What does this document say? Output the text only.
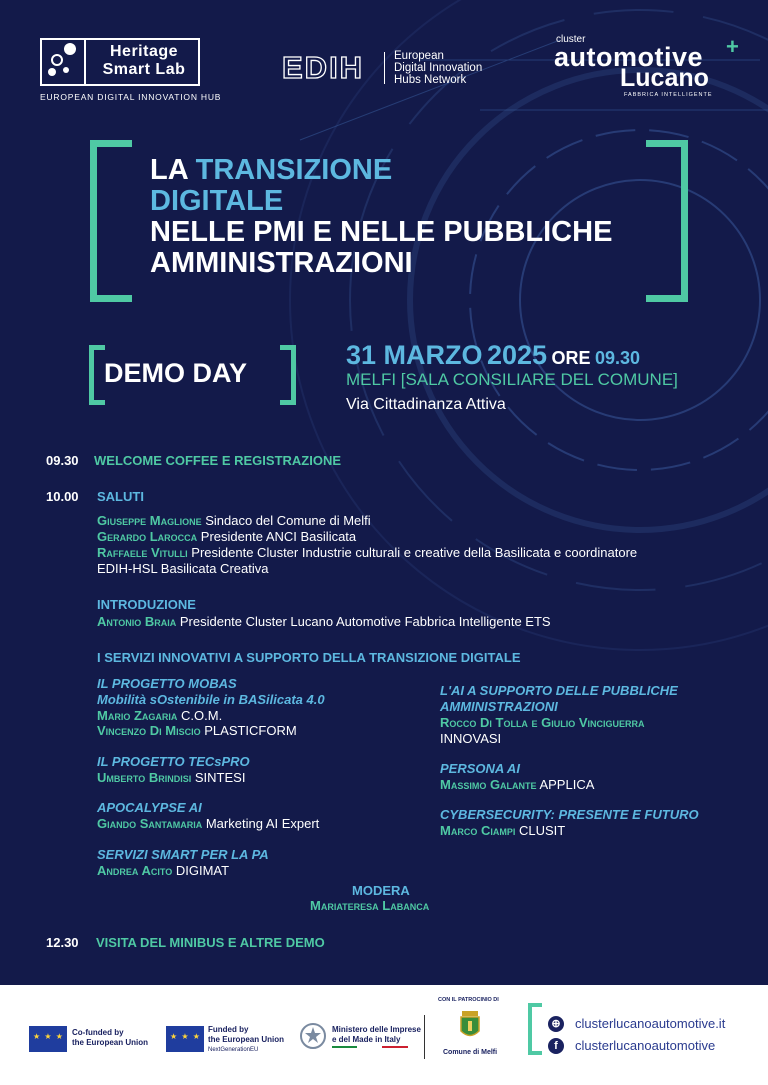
Heritage Smart Lab
EUROPEAN DIGITAL INNOVATION HUB
EDIH	European
Digital Innovation
Hubs Network
cluster
automotive +
Lucano
FABBRICA INTELLIGENTE
LA TRANSIZIONE
DIGITALE
NELLE PMI E NELLE PUBBLICHE
AMMINISTRAZIONI
DEMO DAY
31 MARZO 2025 ORE 09.30
MELFI [SALA CONSILIARE DEL COMUNE]
Via Cittadinanza Attiva
09.30 WELCOME COFFEE E REGISTRAZIONE
10.00 SALUTI
Giuseppe Maglione Sindaco del Comune di Melfi
Gerardo Larocca Presidente ANCI Basilicata
Raffaele Vitulli Presidente Cluster Industrie culturali e creative della Basilicata e coordinatore
EDIH-HSL Basilicata Creativa
INTRODUZIONE
Antonio Braia Presidente Cluster Lucano Automotive Fabbrica Intelligente ETS
I SERVIZI INNOVATIVI A SUPPORTO DELLA TRANSIZIONE DIGITALE
IL PROGETTO MOBAS
Mobilità sOstenibile in BASilicata 4.0
Mario Zagaria C.O.M.
Vincenzo Di Miscio PLASTICFORM
IL PROGETTO TECsPRO
Umberto Brindisi SINTESI
APOCALYPSE AI
Giando Santamaria Marketing AI Expert
SERVIZI SMART PER LA PA
Andrea Acito DIGIMAT
L'AI A SUPPORTO DELLE PUBBLICHE
AMMINISTRAZIONI
Rocco Di Tolla e Giulio Vinciguerra
INNOVASI
PERSONA AI
Massimo Galante APPLICA
CYBERSECURITY: PRESENTE E FUTURO
Marco Ciampi CLUSIT
MODERA
Mariateresa Labanca
12.30 VISITA DEL MINIBUS E ALTRE DEMO
★ ★ ★
Co-funded by
the European Union
★ ★ ★
Funded by
the European Union
NextGenerationEU
Ministero delle Imprese
e del Made in Italy
CON IL PATROCINIO DI
Comune di Melfi
⊕ clusterlucanoautomotive.it
f	clusterlucanoautomotive
